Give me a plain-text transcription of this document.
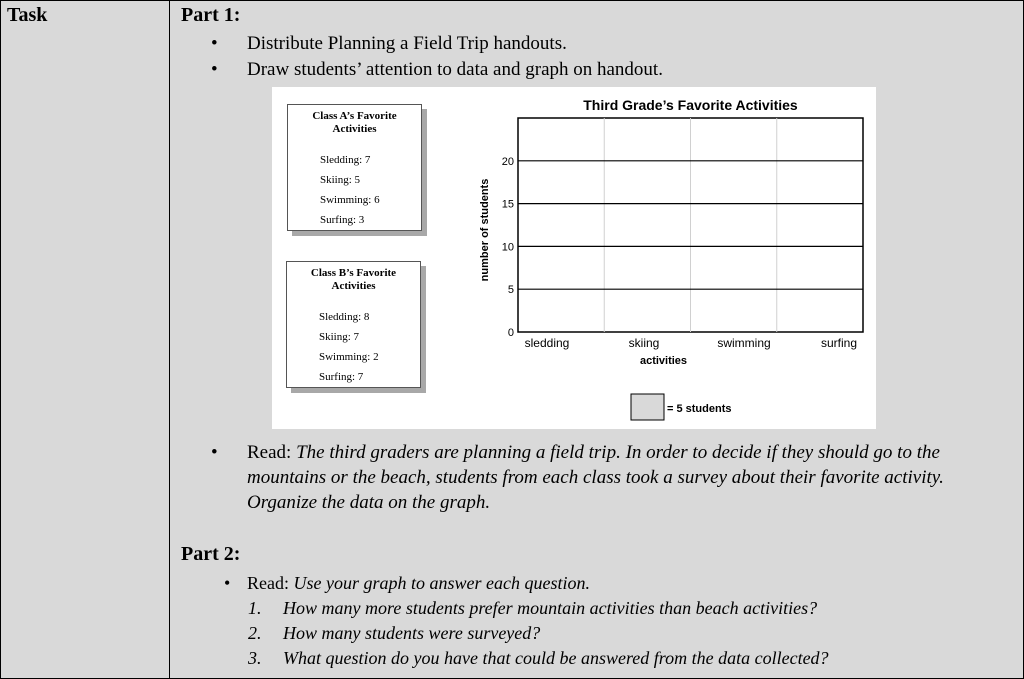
Task	Part 1:
• Distribute Planning a Field Trip handouts.
• Draw students’ attention to data and graph on handout.
• Read: The third graders are planning a field trip. In order to decide if they should go to the mountains or the beach, students from each class took a survey about their favorite activity. Organize the data on the graph.
Part 2:
• Read: Use your graph to answer each question.
1. How many more students prefer mountain activities than beach activities?
2. How many students were surveyed?
3. What question do you have that could be answered from the data collected?
Class A’s Favorite
Activities
Sledding: 7
Skiing: 5
Swimming: 6
Surfing: 3
Class B’s Favorite
Activities
Sledding: 8
Skiing: 7
Swimming: 2
Surfing: 7
0
5
10
15
20
sledding	skiing	swimming	surfing
Third Grade’s Favorite Activities
activities
number of students
= 5 students
